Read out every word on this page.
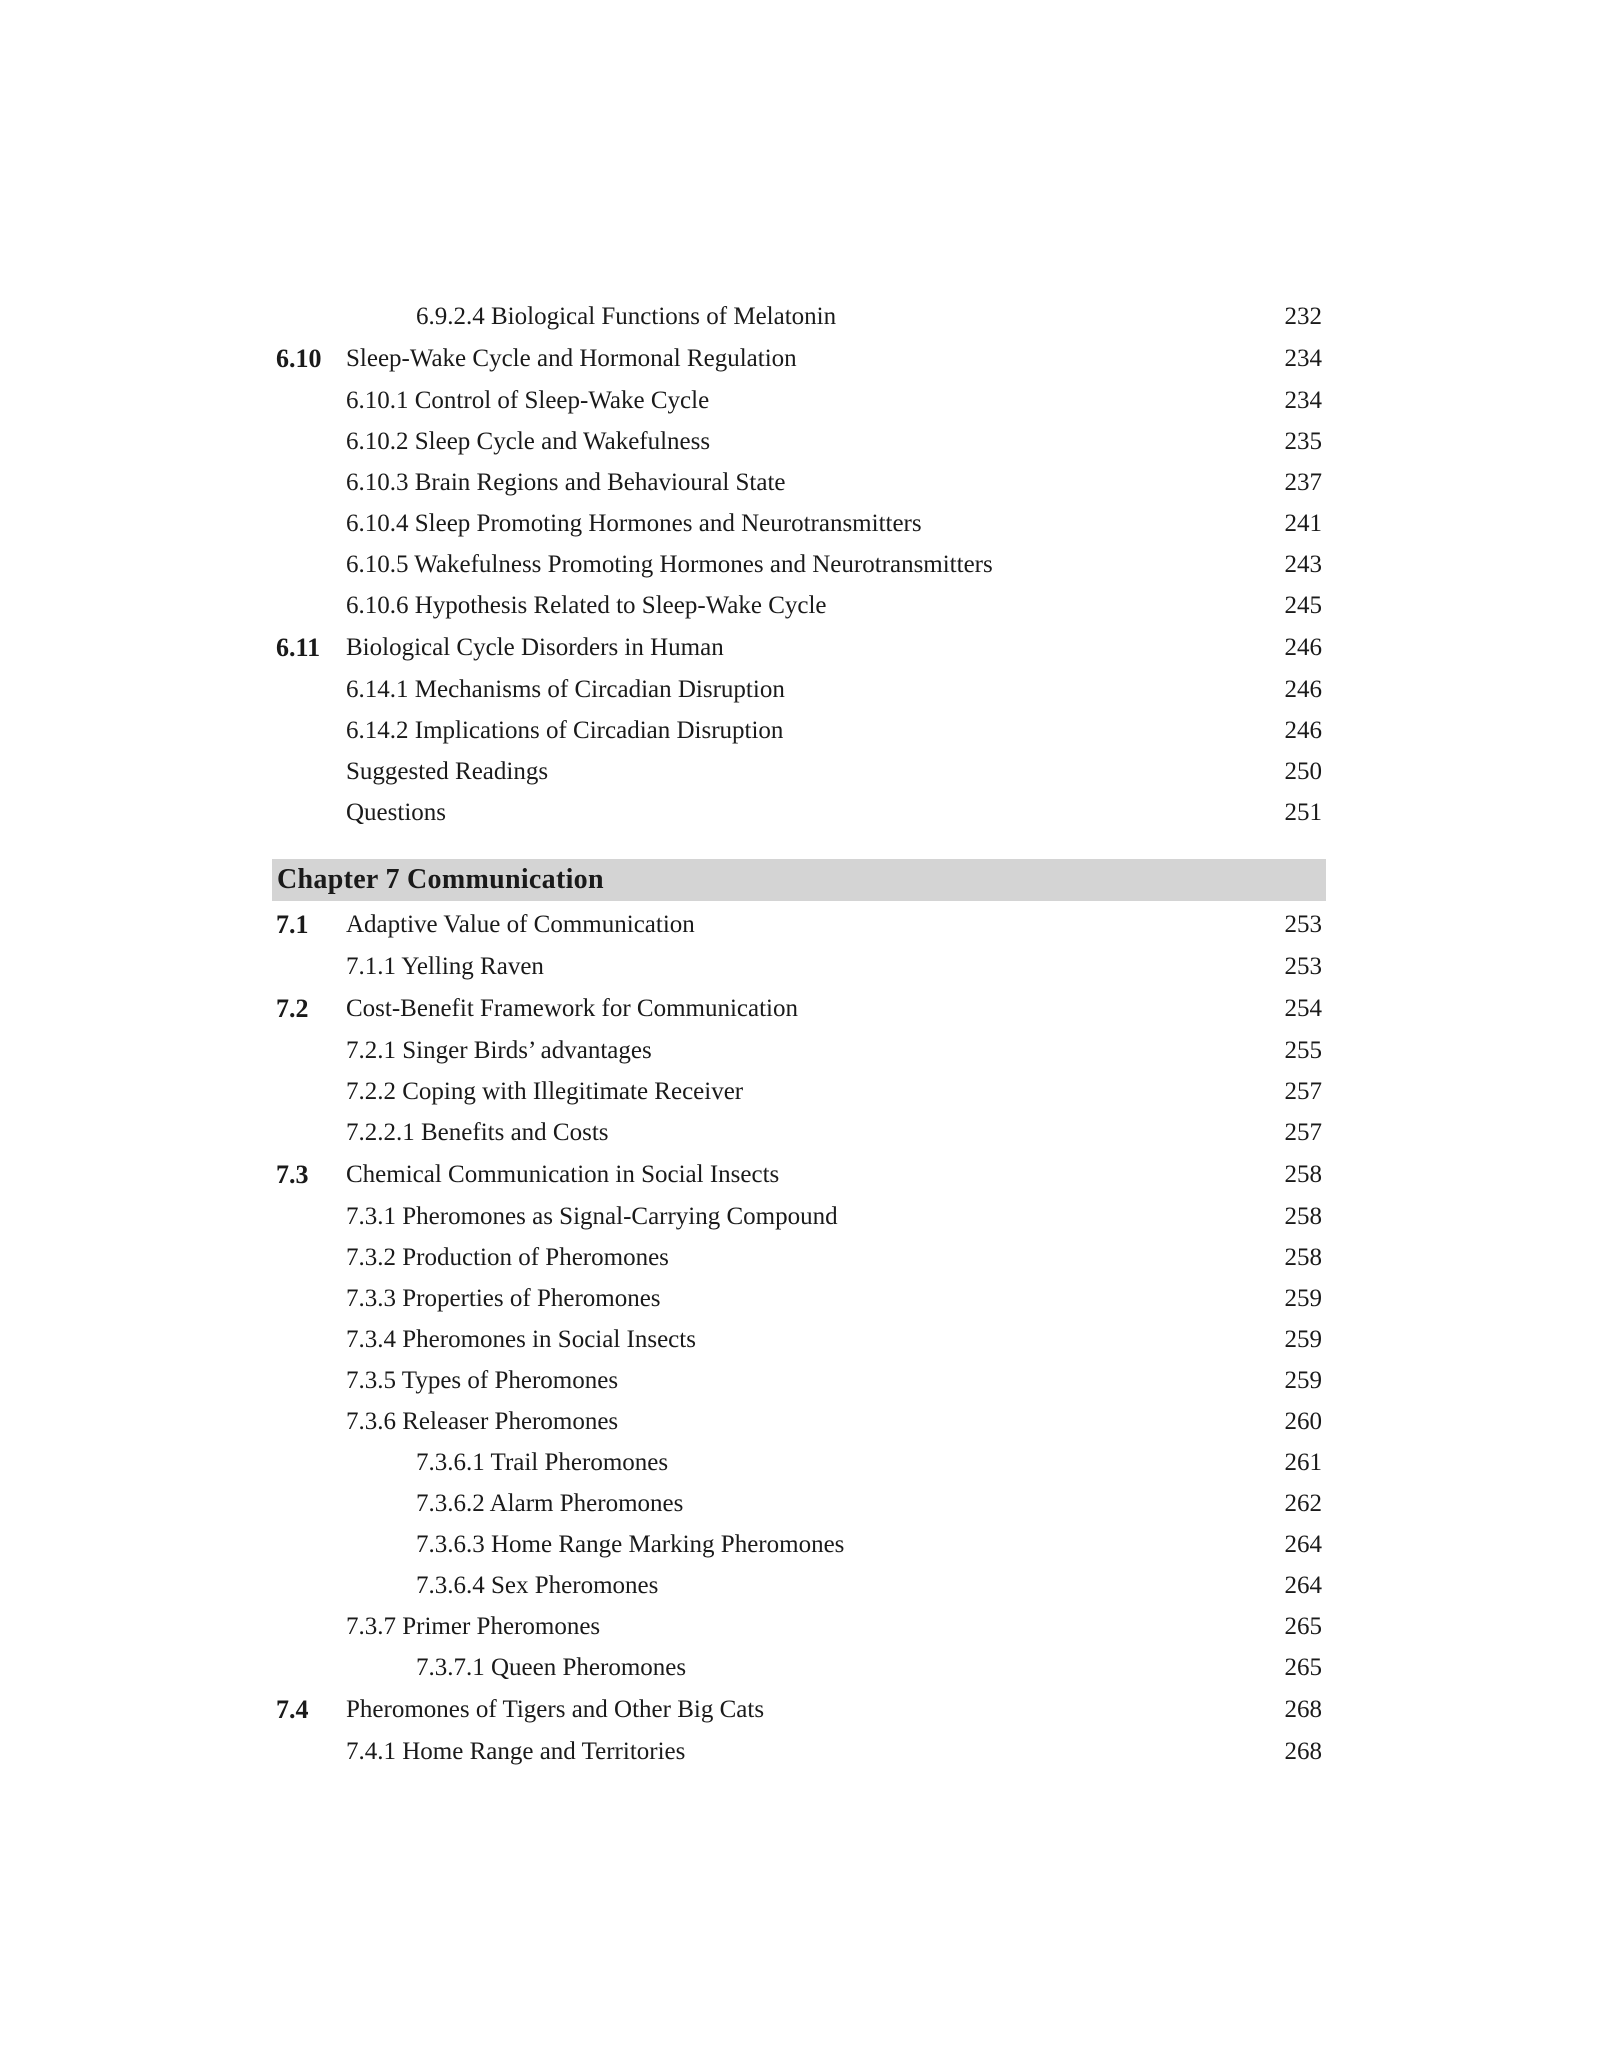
6.9.2.4 Biological Functions of Melatonin	232
6.10 Sleep-Wake Cycle and Hormonal Regulation	234
6.10.1 Control of Sleep-Wake Cycle	234
6.10.2 Sleep Cycle and Wakefulness	235
6.10.3 Brain Regions and Behavioural State	237
6.10.4 Sleep Promoting Hormones and Neurotransmitters	241
6.10.5 Wakefulness Promoting Hormones and Neurotransmitters	243
6.10.6 Hypothesis Related to Sleep-Wake Cycle	245
6.11 Biological Cycle Disorders in Human	246
6.14.1 Mechanisms of Circadian Disruption	246
6.14.2 Implications of Circadian Disruption	246
Suggested Readings	250
Questions	251
Chapter 7 Communication
7.1 Adaptive Value of Communication	253
7.1.1 Yelling Raven	253
7.2 Cost-Benefit Framework for Communication	254
7.2.1 Singer Birds’ advantages	255
7.2.2 Coping with Illegitimate Receiver	257
7.2.2.1 Benefits and Costs	257
7.3 Chemical Communication in Social Insects	258
7.3.1 Pheromones as Signal-Carrying Compound	258
7.3.2 Production of Pheromones	258
7.3.3 Properties of Pheromones	259
7.3.4 Pheromones in Social Insects	259
7.3.5 Types of Pheromones	259
7.3.6 Releaser Pheromones	260
7.3.6.1 Trail Pheromones	261
7.3.6.2 Alarm Pheromones	262
7.3.6.3 Home Range Marking Pheromones	264
7.3.6.4 Sex Pheromones	264
7.3.7 Primer Pheromones	265
7.3.7.1 Queen Pheromones	265
7.4 Pheromones of Tigers and Other Big Cats	268
7.4.1 Home Range and Territories	268
